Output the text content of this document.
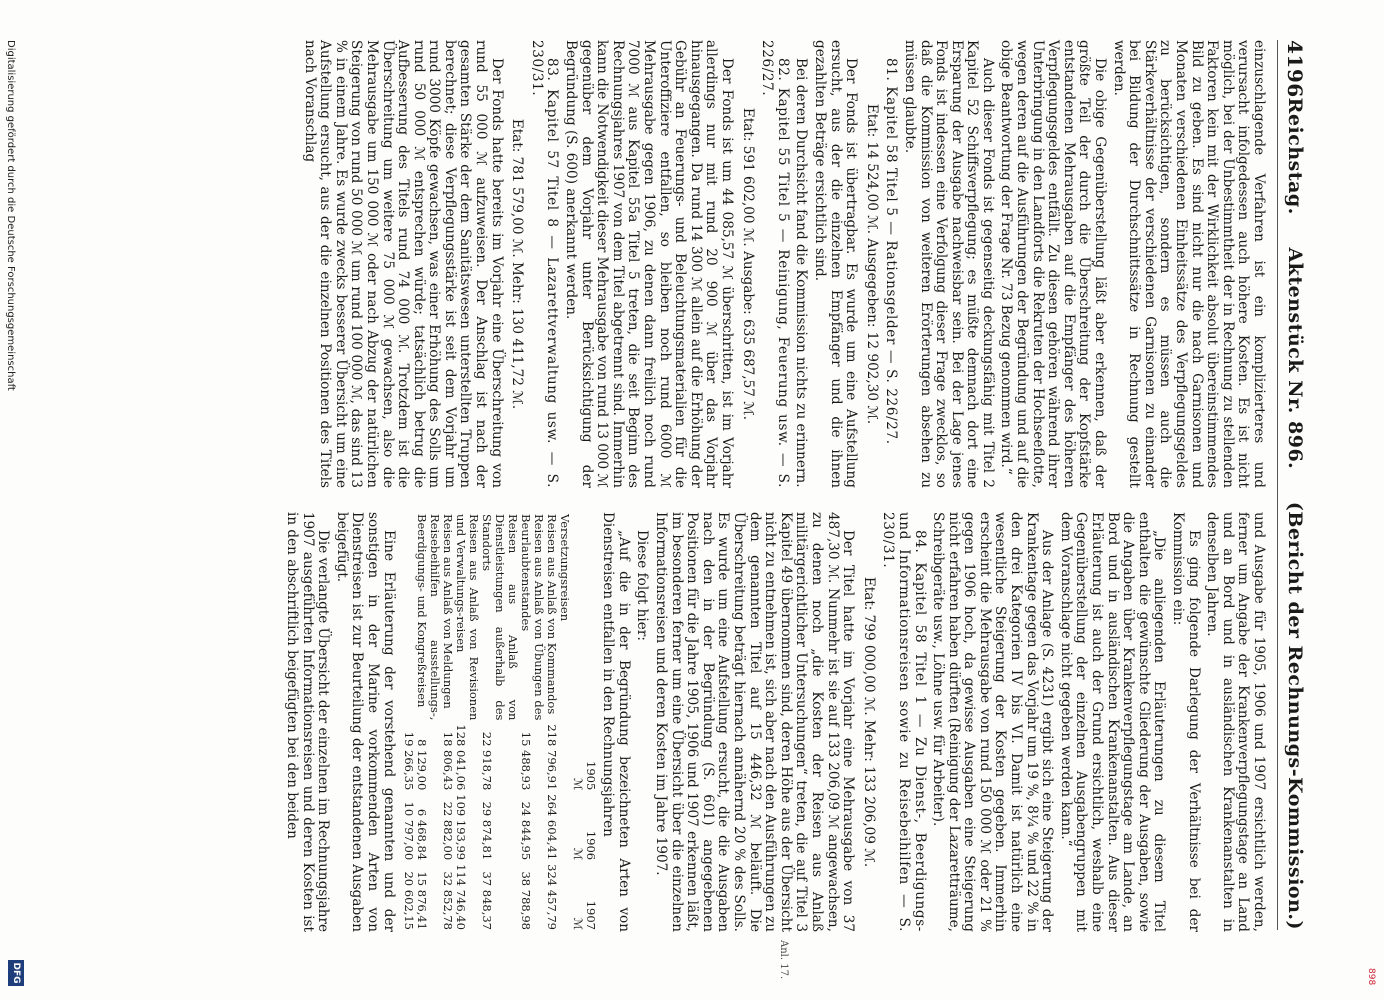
898
4196
Reichstag.
Aktenstück Nr. 896.
(Bericht der Rechnungs-Kommission.)

einzuschlagende Verfahren ist ein komplizierteres und verursacht infolgedessen auch höhere Kosten. Es ist nicht möglich, bei der Unbestimmtheit der in Rechnung zu stellenden Faktoren kein mit der Wirklichkeit absolut übereinstimmendes Bild zu geben. Es sind nicht nur die nach Garnisonen und Monaten verschiedenen Einheitssätze des Verpflegungsgeldes zu berücksichtigen, sondern es müssen auch die Stärkeverhältnisse der verschiedenen Garnisonen zu einander bei Bildung der Durchschnittssätze in Rechnung gestellt werden.

Die obige Gegenüberstellung läßt aber erkennen, daß der größte Teil der durch die Überschreitung der Kopfstärke entstandenen Mehrausgaben auf die Empfänger des höheren Verpflegungsgeldes entfällt. Zu diesen gehören während ihrer Unterbringung in den Landforts die Rekruten der Hochseeflotte, wegen deren auf die Ausführungen der Begründung und auf die obige Beantwortung der Frage Nr. 73 Bezug genommen wird.“

Auch dieser Fonds ist gegenseitig deckungsfähig mit Titel 2 Kapitel 52 Schiffsverpflegung; es müßte demnach dort eine Ersparung der Ausgabe nachweisbar sein. Bei der Lage jenes Fonds ist indessen eine Verfolgung dieser Frage zwecklos, so daß die Kommission von weiteren Erörterungen absehen zu müssen glaubte.

81. Kapitel 58 Titel 5 — Rationsgelder — S. 226/27.

Etat: 14 524,00 ℳ. Ausgegeben: 12 902,30 ℳ.

Der Fonds ist übertragbar. Es wurde um eine Aufstellung ersucht, aus der die einzelnen Empfänger und die ihnen gezahlten Beträge ersichtlich sind.

Bei deren Durchsicht fand die Kommission nichts zu erinnern.

82. Kapitel 55 Titel 5 — Reinigung, Feuerung usw. — S. 226/27.

Etat: 591 602,00 ℳ. Ausgabe: 635 687,57 ℳ.

Der Fonds ist um 44 085,57 ℳ überschritten, ist im Vorjahr allerdings nur mit rund 20 900 ℳ über das Vorjahr hinausgegangen. Da rund 14 300 ℳ allein auf die Erhöhung der Gebühr an Feuerungs- und Beleuchtungsmaterialien für die Unteroffiziere entfallen, so bleiben noch rund 6000 ℳ Mehrausgabe gegen 1906, zu denen dann freilich noch rund 7000 ℳ aus Kapitel 55a Titel 5 treten, die seit Beginn des Rechnungsjahres 1907 von dem Titel abgetrennt sind. Immerhin kann die Notwendigkeit dieser Mehrausgabe von rund 13 000 ℳ gegenüber dem Vorjahr unter Berücksichtigung der Begründung (S. 600) anerkannt werden.

83. Kapitel 57 Titel 8 — Lazarettverwaltung usw. — S. 230/31.

Etat: 781 579,00 ℳ. Mehr: 130 411,72 ℳ.

Der Fonds hatte bereits im Vorjahr eine Überschreitung von rund 55 000 ℳ aufzuweisen. Der Anschlag ist nach der gesamten Stärke der dem Sanitätswesen unterstellten Truppen berechnet; diese Verpflegungsstärke ist seit dem Vorjahr um rund 3000 Köpfe gewachsen, was einer Erhöhung des Solls um rund 50 000 ℳ entsprechen würde; tatsächlich betrug die Aufbesserung des Titels rund 74 000 ℳ. Trotzdem ist die Überschreitung um weitere 75 000 ℳ gewachsen, also die Mehrausgabe um 150 000 ℳ oder nach Abzug der natürlichen Steigerung von rund 50 000 ℳ um rund 100 000 ℳ, das sind 13 % in einem Jahre. Es wurde zwecks besserer Übersicht um eine Aufstellung ersucht, aus der die einzelnen Positionen des Titels nach Voranschlag

und Ausgabe für 1905, 1906 und 1907 ersichtlich werden, ferner um Angabe der Krankenverpflegungstage an Land und an Bord und in ausländischen Krankenanstalten in denselben Jahren.

Es ging folgende Darlegung der Verhältnisse bei der Kommission ein:

„Die anliegenden Erläuterungen zu diesem Titel enthalten die gewünschte Gliederung der Ausgaben, sowie die Angaben über Krankenverpflegungstage am Lande, an Bord und in ausländischen Krankenanstalten. Aus dieser Erläuterung ist auch der Grund ersichtlich, weshalb eine Gegenüberstellung der einzelnen Ausgabengruppen mit dem Voranschlage nicht gegeben werden kann.“

Aus der Anlage (S. 4231) ergibt sich eine Steigerung der Krankentage gegen das Vorjahr um 19 %, 8¼ % und 22 % in den drei Kategorien IV bis VI. Damit ist natürlich eine wesentliche Steigerung der Kosten gegeben. Immerhin erscheint die Mehrausgabe von rund 150 000 ℳ oder 21 % gegen 1906 hoch, da gewisse Ausgaben eine Steigerung nicht erfahren haben dürften (Reinigung der Lazaretträume, Schreibgeräte usw., Löhne usw. für Arbeiter).

84. Kapitel 58 Titel 1 — Zu Dienst-, Beerdigungs- und Informationsreisen sowie zu Reisebeihilfen — S. 230/31.

Etat: 799 000,00 ℳ. Mehr: 133 206,09 ℳ.

Der Titel hatte im Vorjahr eine Mehrausgabe von 37 487,30 ℳ. Nunmehr ist sie auf 133 206,09 ℳ angewachsen, zu denen noch „die Kosten der Reisen aus Anlaß militärgerichtlicher Untersuchungen“ treten, die auf Titel 3 Kapitel 49 übernommen sind, deren Höhe aus der Übersicht nicht zu entnehmen ist, sich aber nach den Ausführungen zu dem genannten Titel auf 15 446,32 ℳ beläuft. Die Überschreitung beträgt hiernach annähernd 20 % des Solls. Es wurde um eine Aufstellung ersucht, die die Ausgaben nach den in der Begründung (S. 601) angegebenen Positionen für die Jahre 1905, 1906 und 1907 erkennen läßt, im besonderen ferner um eine Übersicht über die einzelnen Informationsreisen und deren Kosten im Jahre 1907.

Diese folgt hier:

„Auf die in der Begründung bezeichneten Arten von Dienstreisen entfallen in den Rechnungsjahren

	1905	1906	1907
	ℳ	ℳ	ℳ
Versetzungsreisen			
Reisen aus Anlaß von Kommandos	218 796,91	264 604,41	324 457,79
Reisen aus Anlaß von Übungen des Beurlaubtenstandes	15 488,93	24 844,95	38 788,98
Reisen aus Anlaß von Dienstleistungen außerhalb des Standorts	22 918,78	29 874,81	37 848,37
Reisen aus Anlaß von Revisionen und Verwaltungs-reisen	128 041,06	109 193,99	114 746,40
Reisen aus Anlaß von Meldungen	18 806,43	22 882,00	32 852,78
Reisebeihilfen ausstellungs-, Beerdigungs- und Kongreßreisen	8 129,00	6 468,84	15 876,41
	19 266,35	10 797,00	20 602,15

Eine Erläuterung der vorstehend genannten und der sonstigen in der Marine vorkommenden Arten von Dienstreisen ist zur Beurteilung der entstandenen Ausgaben beigefügt.

Die verlangte Übersicht der einzelnen im Rechnungsjahre 1907 ausgeführten Informationsreisen und deren Kosten ist in den abschriftlich beigefügten bei den beiden

Anl. 17.
Digitalisierung gefördert durch die Deutsche Forschungsgemeinschaft
DFG
